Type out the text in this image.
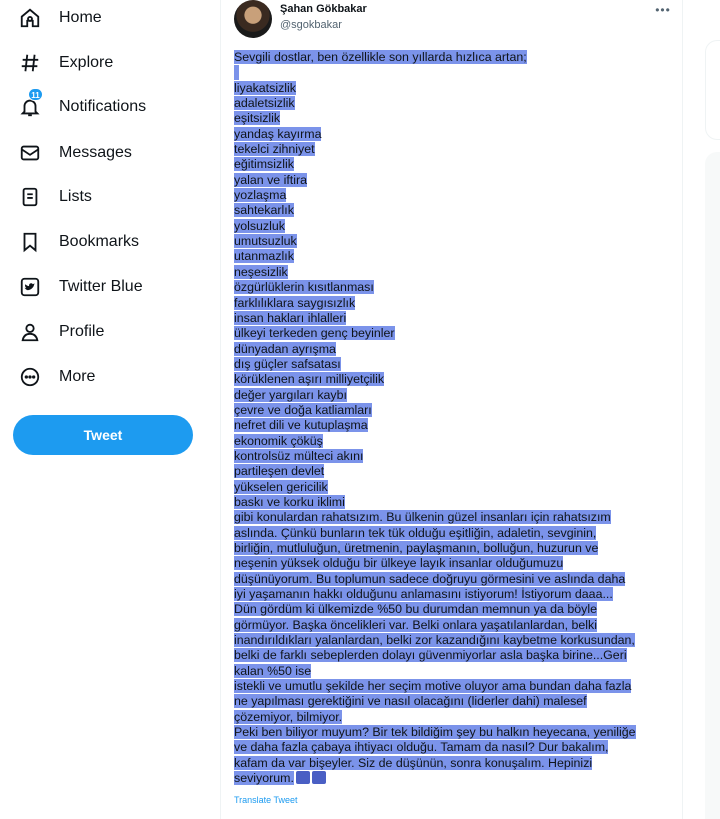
Home
Explore
11
Notifications
Messages
Lists
Bookmarks
Twitter Blue
Profile
More
Tweet
Şahan Gökbakar
@sgokbakar
•••
Sevgili dostlar, ben özellikle son yıllarda hızlıca artan;
liyakatsizlik
adaletsizlik
eşitsizlik
yandaş kayırma
tekelci zihniyet
eğitimsizlik
yalan ve iftira
yozlaşma
sahtekarlık
yolsuzluk
umutsuzluk
utanmazlık
neşesizlik
özgürlüklerin kısıtlanması
farklılıklara saygısızlık
insan hakları ihlalleri
ülkeyi terkeden genç beyinler
dünyadan ayrışma
dış güçler safsatası
körüklenen aşırı milliyetçilik
değer yargıları kaybı
çevre ve doğa katliamları
nefret dili ve kutuplaşma
ekonomik çöküş
kontrolsüz mülteci akını
partileşen devlet
yükselen gericilik
baskı ve korku iklimi
gibi konulardan rahatsızım. Bu ülkenin güzel insanları için rahatsızım
aslında. Çünkü bunların tek tük olduğu eşitliğin, adaletin, sevginin,
birliğin, mutluluğun, üretmenin, paylaşmanın, bolluğun, huzurun ve
neşenin yüksek olduğu bir ülkeye layık insanlar olduğumuzu
düşünüyorum. Bu toplumun sadece doğruyu görmesini ve aslında daha
iyi yaşamanın hakkı olduğunu anlamasını istiyorum! İstiyorum daaa...
Dün gördüm ki ülkemizde %50 bu durumdan memnun ya da böyle
görmüyor. Başka öncelikleri var. Belki onlara yaşatılanlardan, belki
inandırıldıkları yalanlardan, belki zor kazandığını kaybetme korkusundan,
belki de farklı sebeplerden dolayı güvenmiyorlar asla başka birine...Geri
kalan %50 ise
istekli ve umutlu şekilde her seçim motive oluyor ama bundan daha fazla
ne yapılması gerektiğini ve nasıl olacağını (liderler dahi) malesef
çözemiyor, bilmiyor.
Peki ben biliyor muyum? Bir tek bildiğim şey bu halkın heyecana, yeniliğe
ve daha fazla çabaya ihtiyacı olduğu. Tamam da nasıl? Dur bakalım,
kafam da var bişeyler. Siz de düşünün, sonra konuşalım. Hepinizi
seviyorum.
Translate Tweet
